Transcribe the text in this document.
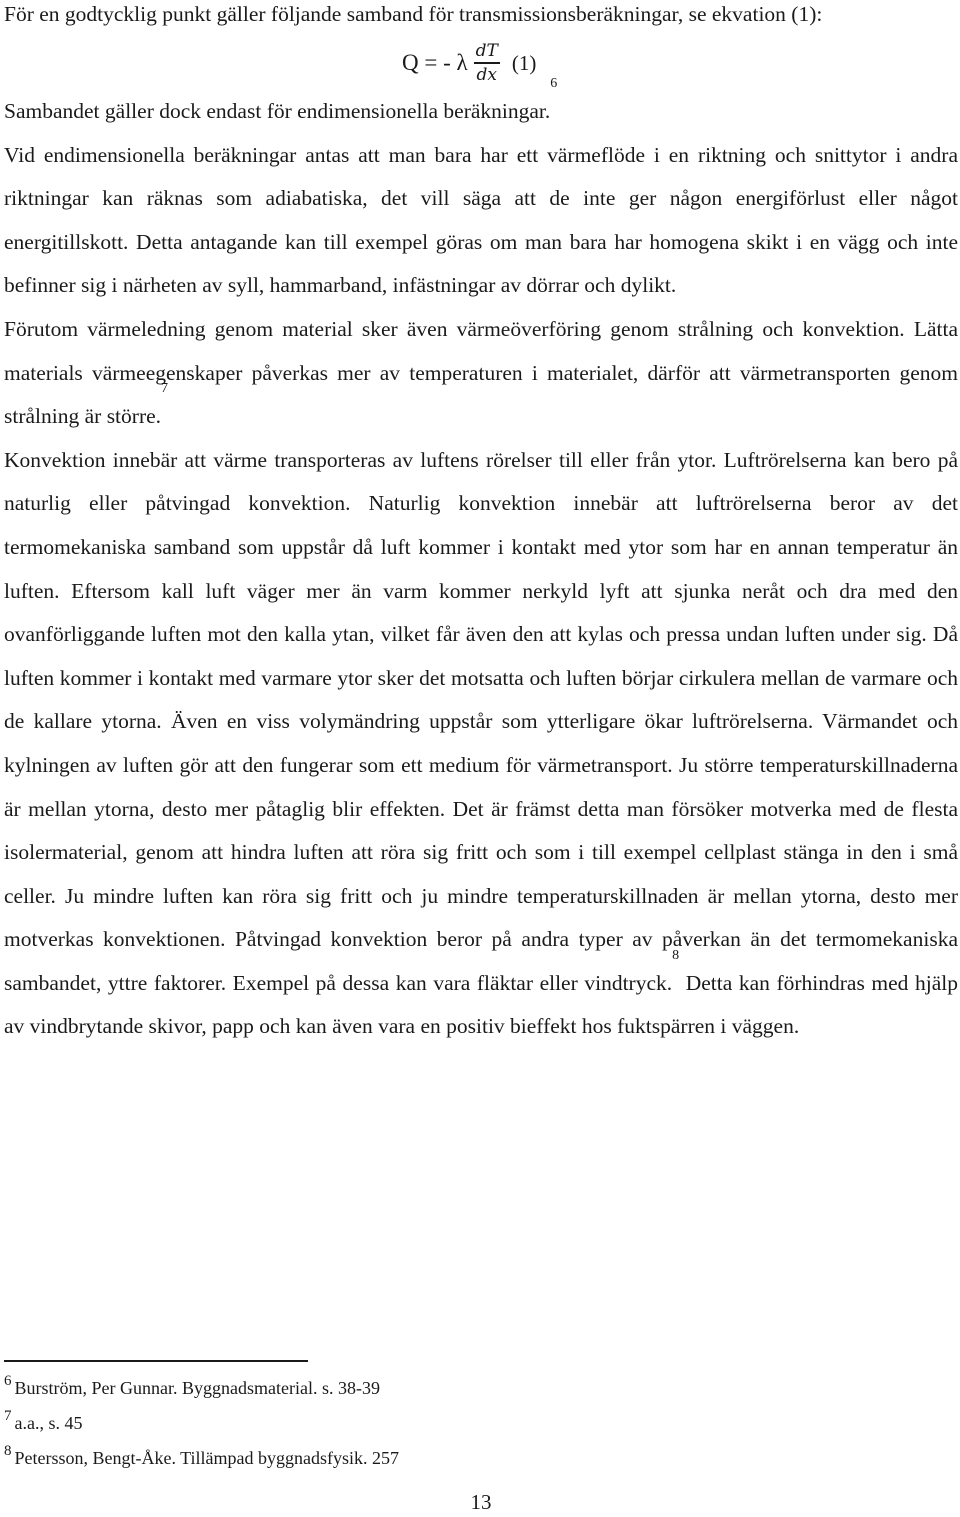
För en godtycklig punkt gäller följande samband för transmissionsberäkningar, se ekvation (1):

Q = - λ $\frac{dT}{dx} (1)$

Sambandet gäller dock endast för endimensionella beräkningar.$^6$

Vid endimensionella beräkningar antas att man bara har ett värmeflöde i en riktning och snittytor i andra riktningar kan räknas som adiabatiska, det vill säga att de inte ger någon energiförlust eller något energitillskott. Detta antagande kan till exempel göras om man bara har homogena skikt i en vägg och inte befinner sig i närheten av syll, hammarband, infästningar av dörrar och dylikt.

Förutom värmeledning genom material sker även värmeöverföring genom strålning och konvektion. Lätta materials värmeegenskaper påverkas mer av temperaturen i materialet, därför att värmetransporten genom strålning är större.$^7$

Konvektion innebär att värme transporteras av luftens rörelser till eller från ytor. Luftrörelserna kan bero på naturlig eller påtvingad konvektion. Naturlig konvektion innebär att luftrörelserna beror av det termomekaniska samband som uppstår då luft kommer i kontakt med ytor som har en annan temperatur än luften. Eftersom kall luft väger mer än varm kommer nerkyld lyft att sjunka neråt och dra med den ovanförliggande luften mot den kalla ytan, vilket får även den att kylas och pressa undan luften under sig. Då luften kommer i kontakt med varmare ytor sker det motsatta och luften börjar cirkulera mellan de varmare och de kallare ytorna. Även en viss volymändring uppstår som ytterligare ökar luftrörelserna. Värmandet och kylningen av luften gör att den fungerar som ett medium för värmetransport. Ju större temperaturskillnaderna är mellan ytorna, desto mer påtaglig blir effekten. Det är främst detta man försöker motverka med de flesta isolermaterial, genom att hindra luften att röra sig fritt och som i till exempel cellplast stänga in den i små celler. Ju mindre luften kan röra sig fritt och ju mindre temperaturskillnaden är mellan ytorna, desto mer motverkas konvektionen. Påtvingad konvektion beror på andra typer av påverkan än det termomekaniska sambandet, yttre faktorer. Exempel på dessa kan vara fläktar eller vindtryck.$^8$ Detta kan förhindras med hjälp av vindbrytande skivor, papp och kan även vara en positiv bieffekt hos fuktspärren i väggen.

$^6$ Burström, Per Gunnar. Byggnadsmaterial. s. 38-39
$^7$ a.a., s. 45
$^8$ Petersson, Bengt-Åke. Tillämpad byggnadsfysik. 257
13
